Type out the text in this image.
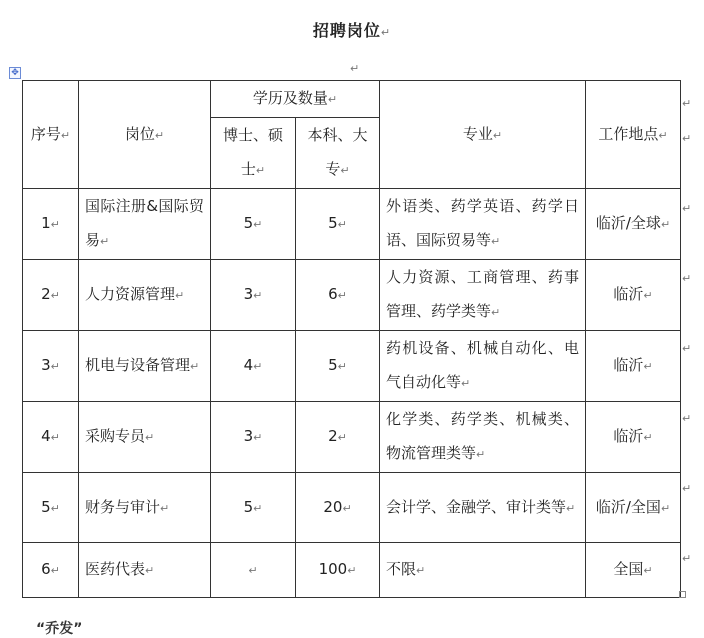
招聘岗位↵
✥	↵
序号↵	岗位↵	学历及数量↵		专业↵	工作地点↵
		博士、硕士↵	本科、大专↵		
1↵	国际注册&国际贸易↵	5↵	5↵	外语类、药学英语、药学日语、国际贸易等↵	临沂/全球↵
2↵	人力资源管理↵	3↵	6↵	人力资源、工商管理、药事管理、药学类等↵	临沂↵
3↵	机电与设备管理↵	4↵	5↵	药机设备、机械自动化、电气自动化等↵	临沂↵
4↵	采购专员↵	3↵	2↵	化学类、药学类、机械类、物流管理类等↵	临沂↵
5↵	财务与审计↵	5↵	20↵	会计学、金融学、审计类等↵	临沂/全国↵
6↵	医药代表↵	↵	100↵	不限↵	全国↵
↵
↵
↵
↵
↵
↵
↵
↵
“乔发”
